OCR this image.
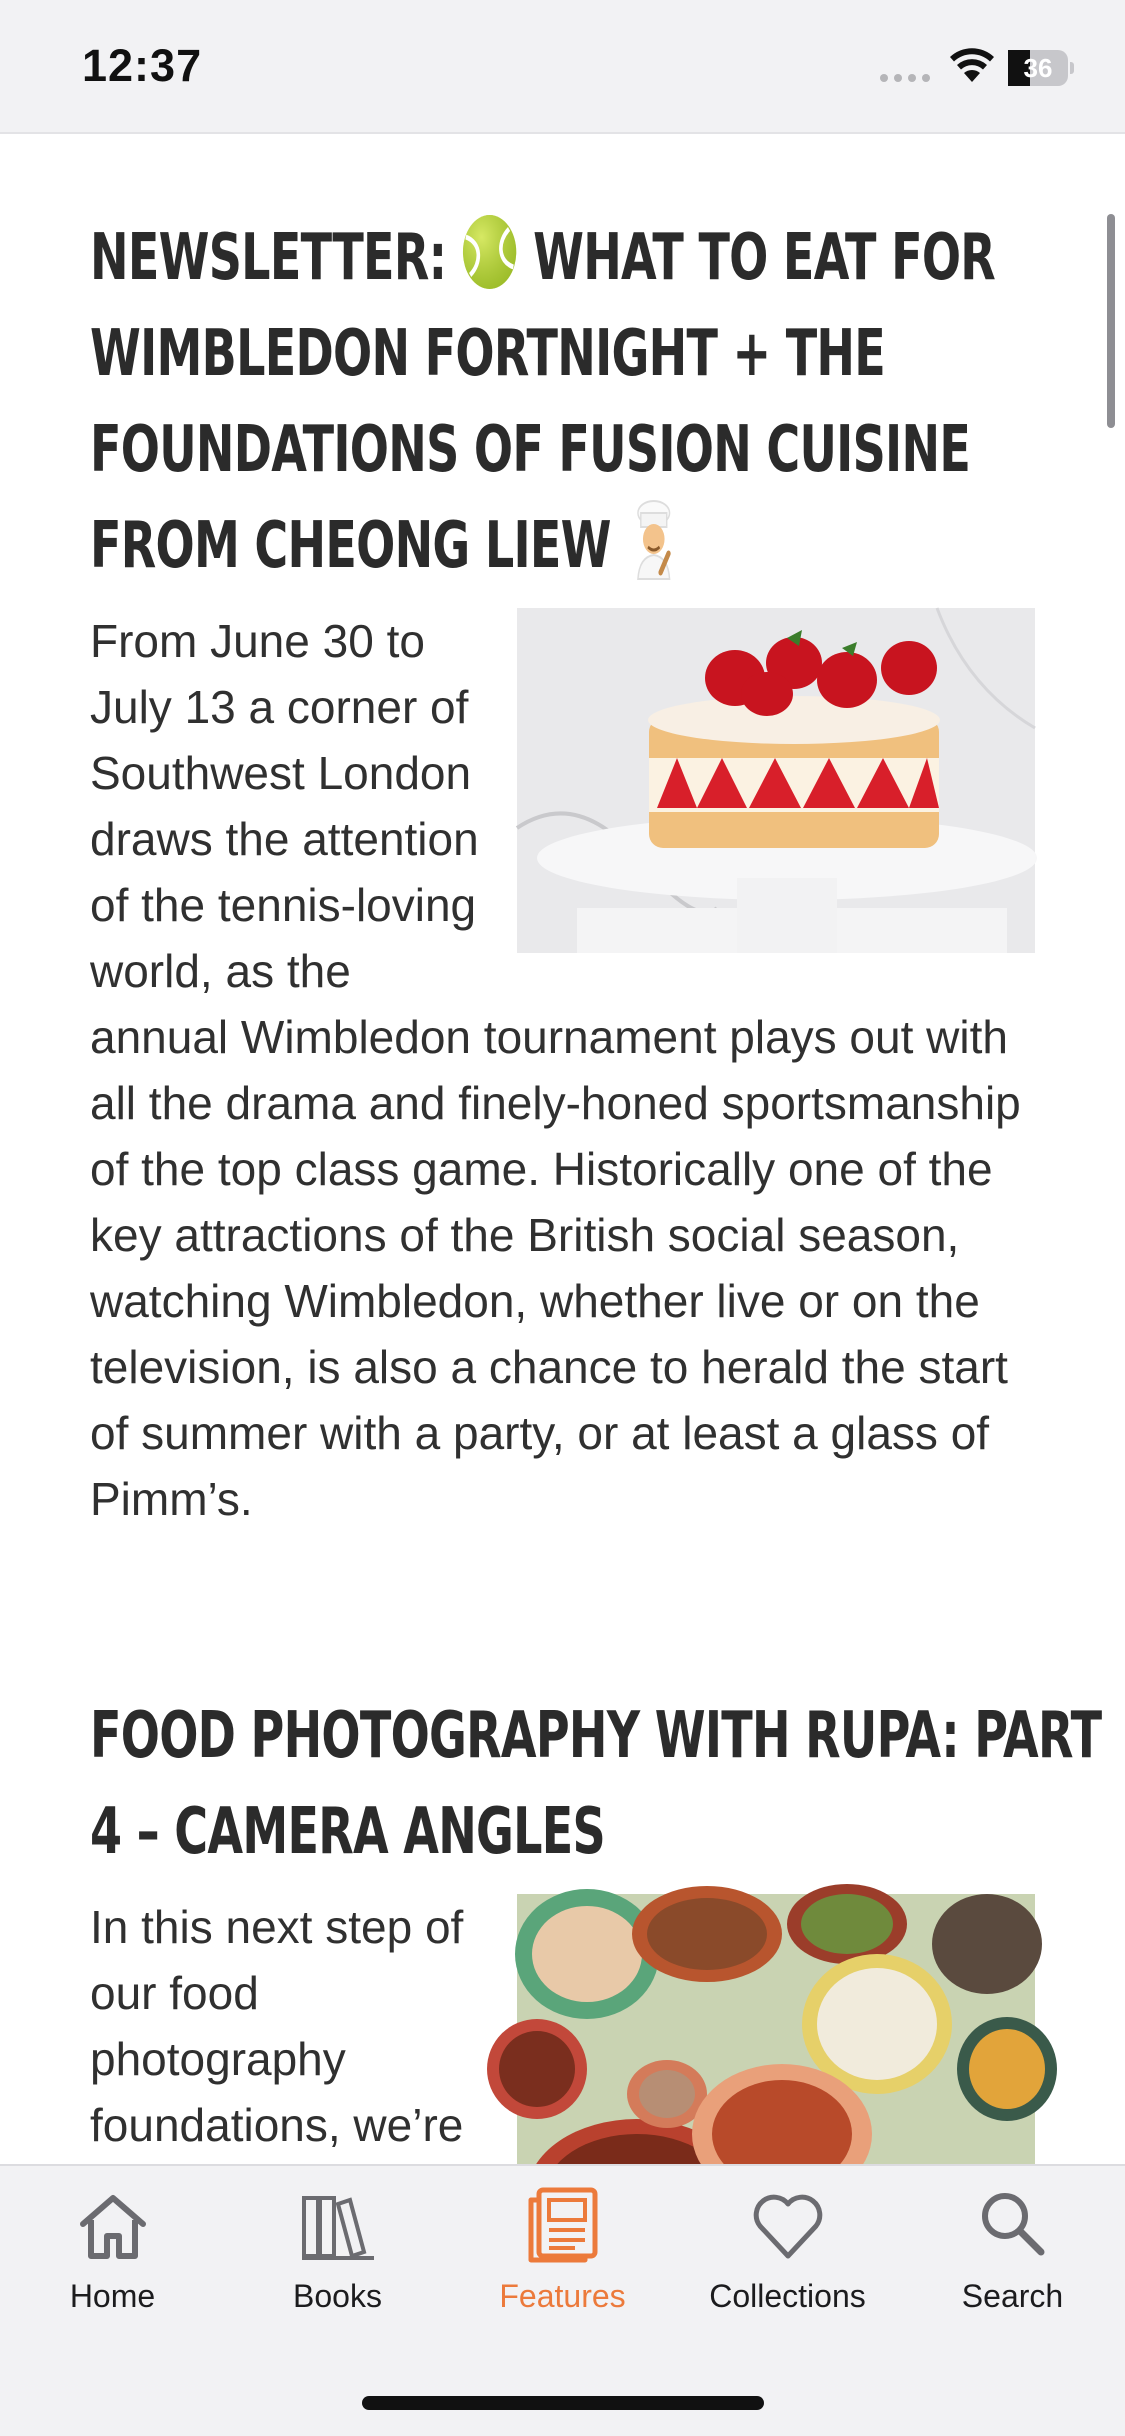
12:37	36
NEWSLETTER:  WHAT TO EAT FOR WIMBLEDON FORTNIGHT + THE FOUNDATIONS OF FUSION CUISINE FROM CHEONG LIEW

From June 30 to July 13 a corner of Southwest London draws the attention of the tennis-loving world, as the annual Wimbledon tournament plays out with all the drama and finely-honed sportsmanship of the top class game. Historically one of the key attractions of the British social season, watching Wimbledon, whether live or on the television, is also a chance to herald the start of summer with a party, or at least a glass of Pimm’s.

FOOD PHOTOGRAPHY WITH RUPA: PART 4 – CAMERA ANGLES

In this next step of our food photography foundations, we’re

Home	Books	Features	Collections	Search
